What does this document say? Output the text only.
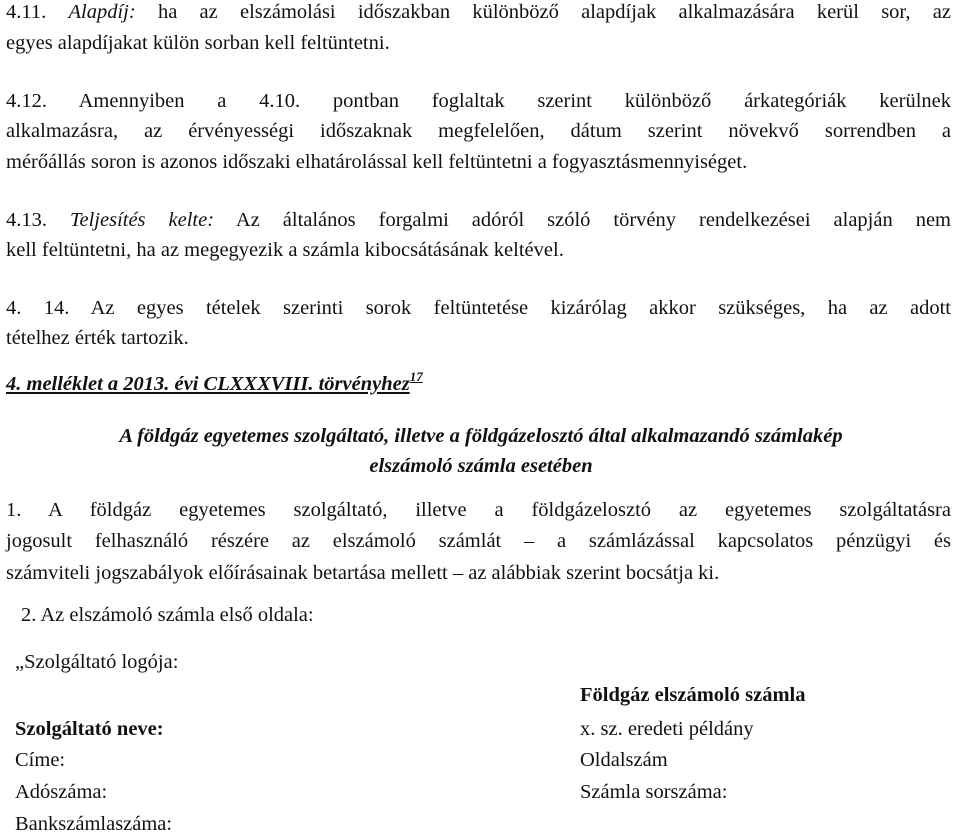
4.11. Alapdíj: ha az elszámolási időszakban különböző alapdíjak alkalmazására kerül sor, az
egyes alapdíjakat külön sorban kell feltüntetni.
4.12. Amennyiben a 4.10. pontban foglaltak szerint különböző árkategóriák kerülnek
alkalmazásra, az érvényességi időszaknak megfelelően, dátum szerint növekvő sorrendben a
mérőállás soron is azonos időszaki elhatárolással kell feltüntetni a fogyasztásmennyiséget.
4.13. Teljesítés kelte: Az általános forgalmi adóról szóló törvény rendelkezései alapján nem
kell feltüntetni, ha az megegyezik a számla kibocsátásának keltével.
4. 14. Az egyes tételek szerinti sorok feltüntetése kizárólag akkor szükséges, ha az adott
tételhez érték tartozik.
4. melléklet a 2013. évi CLXXXVIII. törvényhez$^{17}$
A földgáz egyetemes szolgáltató, illetve a földgázelosztó által alkalmazandó számlakép
elszámoló számla esetében
1. A földgáz egyetemes szolgáltató, illetve a földgázelosztó az egyetemes szolgáltatásra
jogosult felhasználó részére az elszámoló számlát – a számlázással kapcsolatos pénzügyi és
számviteli jogszabályok előírásainak betartása mellett – az alábbiak szerint bocsátja ki.
2. Az elszámoló számla első oldala:
„Szolgáltató logója:
Földgáz elszámoló számla
Szolgáltató neve:	x. sz. eredeti példány
Címe:	Oldalszám
Adószáma:	Számla sorszáma:
Bankszámlaszáma:
